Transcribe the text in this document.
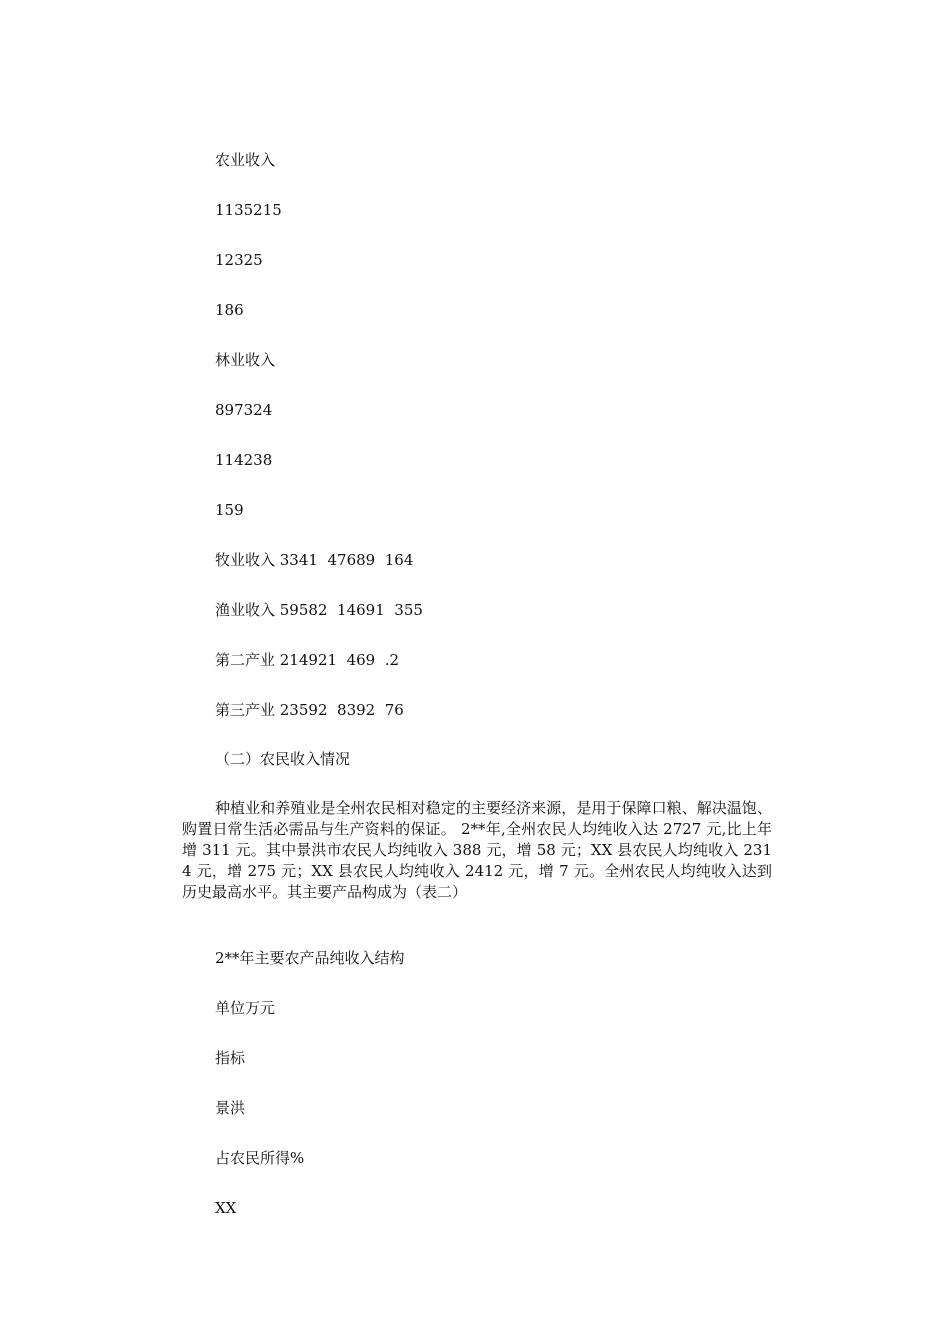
农业收入

1135215

12325

186

林业收入

897324

114238

159

牧业收入 3341  47689  164

渔业收入 59582  14691  355

第二产业 214921  469  .2

第三产业 23592  8392  76

（二）农民收入情况

种植业和养殖业是全州农民相对稳定的主要经济来源，是用于保障口粮、解决温饱、购置日常生活必需品与生产资料的保证。 2**年,全州农民人均纯收入达 2727 元,比上年增 311 元。其中景洪市农民人均纯收入 388 元，增 58 元；XX 县农民人均纯收入 2314 元，增 275 元；XX 县农民人均纯收入 2412 元，增 7 元。全州农民人均纯收入达到历史最高水平。其主要产品构成为（表二）

2**年主要农产品纯收入结构

单位万元

指标

景洪

占农民所得%

XX
